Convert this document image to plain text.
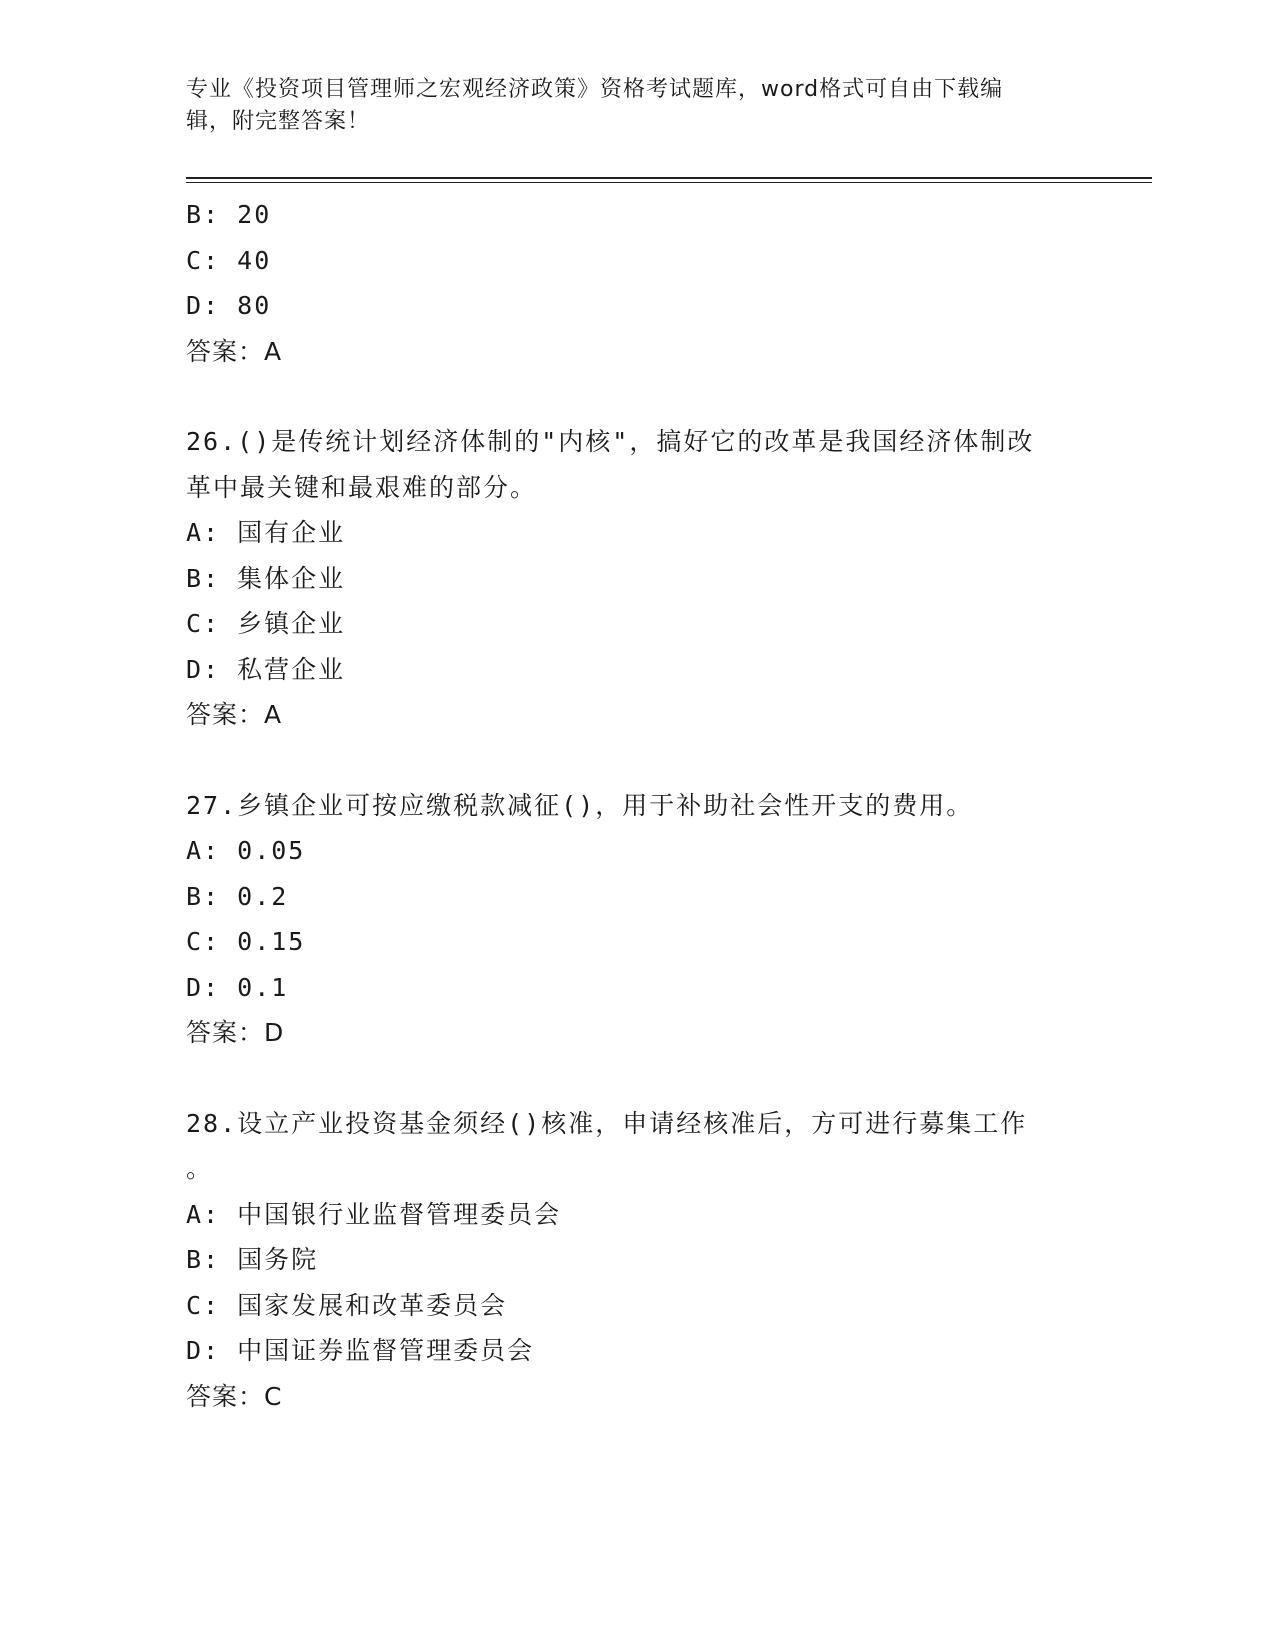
专业《投资项目管理师之宏观经济政策》资格考试题库，word格式可自由下载编
辑，附完整答案！
B: 20
C: 40
D: 80
答案：A
26.()是传统计划经济体制的"内核"，搞好它的改革是我国经济体制改
革中最关键和最艰难的部分。
A: 国有企业
B: 集体企业
C: 乡镇企业
D: 私营企业
答案：A
27.乡镇企业可按应缴税款减征()，用于补助社会性开支的费用。
A: 0.05
B: 0.2
C: 0.15
D: 0.1
答案：D
28.设立产业投资基金须经()核准，申请经核准后，方可进行募集工作
。
A: 中国银行业监督管理委员会
B: 国务院
C: 国家发展和改革委员会
D: 中国证券监督管理委员会
答案：C
